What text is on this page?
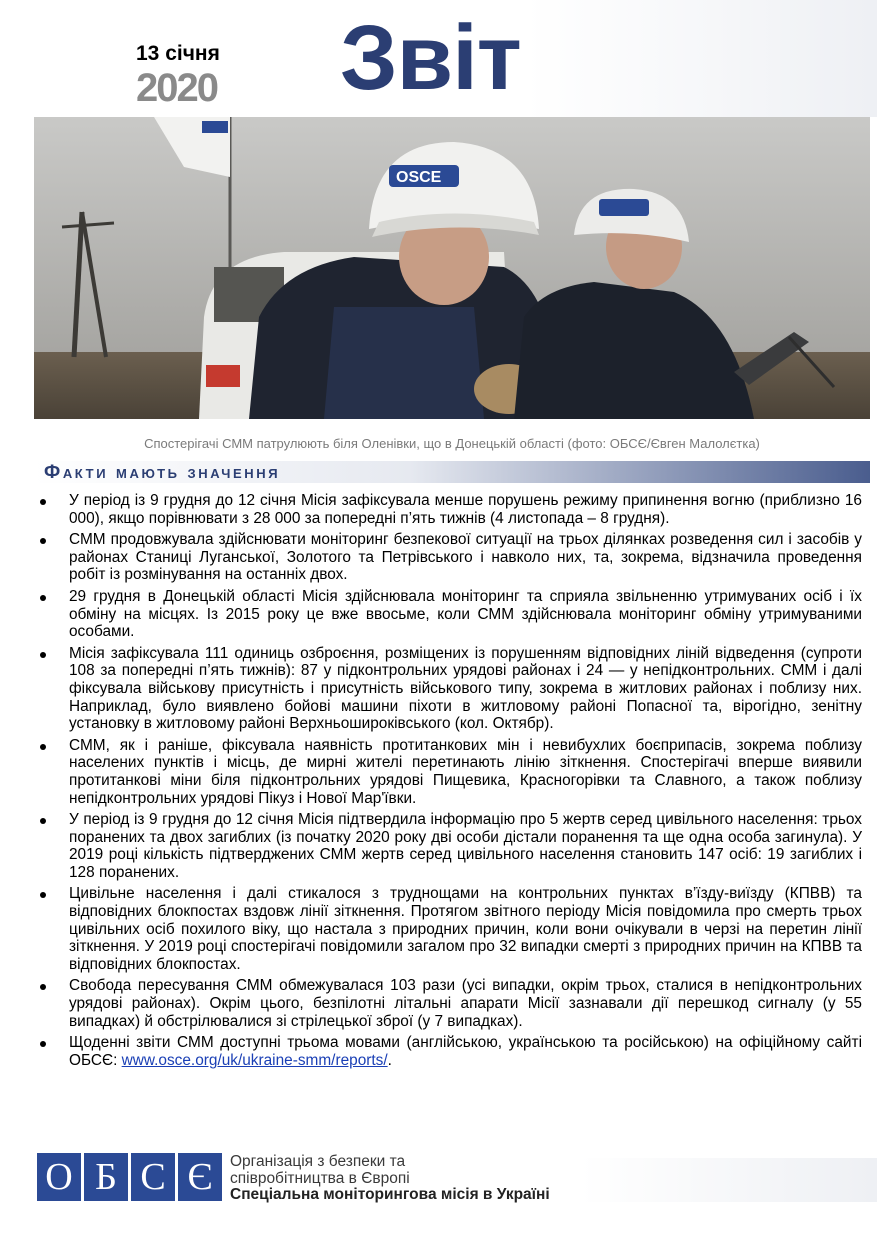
13 січня
2020 Звіт
OSCE
Спостерігачі СММ патрулюють біля Оленівки, що в Донецькій області (фото: ОБСЄ/Євген Малолєтка)
Факти мають значення
У період із 9 грудня до 12 січня Місія зафіксувала менше порушень режиму припинення вогню (приблизно 16 000), якщо порівнювати з 28 000 за попередні п’ять тижнів (4 листопада – 8 грудня).
СММ продовжувала здійснювати моніторинг безпекової ситуації на трьох ділянках розведення сил і засобів у районах Станиці Луганської, Золотого та Петрівського і навколо них, та, зокрема, відзначила проведення робіт із розмінування на останніх двох.
29 грудня в Донецькій області Місія здійснювала моніторинг та сприяла звільненню утримуваних осіб і їх обміну на місцях. Із 2015 року це вже ввосьме, коли СММ здійснювала моніторинг обміну утримуваними особами.
Місія зафіксувала 111 одиниць озброєння, розміщених із порушенням відповідних ліній відведення (супроти 108 за попередні п’ять тижнів): 87 у підконтрольних урядові районах і 24 — у непідконтрольних. СММ і далі фіксувала військову присутність і присутність військового типу, зокрема в житлових районах і поблизу них. Наприклад, було виявлено бойові машини піхоти в житловому районі Попасної та, вірогідно, зенітну установку в житловому районі Верхньошироківського (кол. Октябр).
СММ, як і раніше, фіксувала наявність протитанкових мін і невибухлих боєприпасів, зокрема поблизу населених пунктів і місць, де мирні жителі перетинають лінію зіткнення. Спостерігачі вперше виявили протитанкові міни біля підконтрольних урядові Пищевика, Красногорівки та Славного, а також поблизу непідконтрольних урядові Пікуз і Нової Мар'ївки.
У період із 9 грудня до 12 січня Місія підтвердила інформацію про 5 жертв серед цивільного населення: трьох поранених та двох загиблих (із початку 2020 року дві особи дістали поранення та ще одна особа загинула). У 2019 році кількість підтверджених СММ жертв серед цивільного населення становить 147 осіб: 19 загиблих і 128 поранених.
Цивільне населення і далі стикалося з труднощами на контрольних пунктах в’їзду-виїзду (КПВВ) та відповідних блокпостах вздовж лінії зіткнення. Протягом звітного періоду Місія повідомила про смерть трьох цивільних осіб похилого віку, що настала з природних причин, коли вони очікували в черзі на перетин лінії зіткнення. У 2019 році спостерігачі повідомили загалом про 32 випадки смерті з природних причин на КПВВ та відповідних блокпостах.
Свобода пересування СММ обмежувалася 103 рази (усі випадки, окрім трьох, сталися в непідконтрольних урядові районах). Окрім цього, безпілотні літальні апарати Місії зазнавали дії перешкод сигналу (у 55 випадках) й обстрілювалися зі стрілецької зброї (у 7 випадках).
Щоденні звіти СММ доступні трьома мовами (англійською, українською та російською) на офіційному сайті ОБСЄ: www.osce.org/uk/ukraine-smm/reports/.
О Б С Є	Організація з безпеки та
співробітництва в Європі
Спеціальна моніторингова місія в Україні
